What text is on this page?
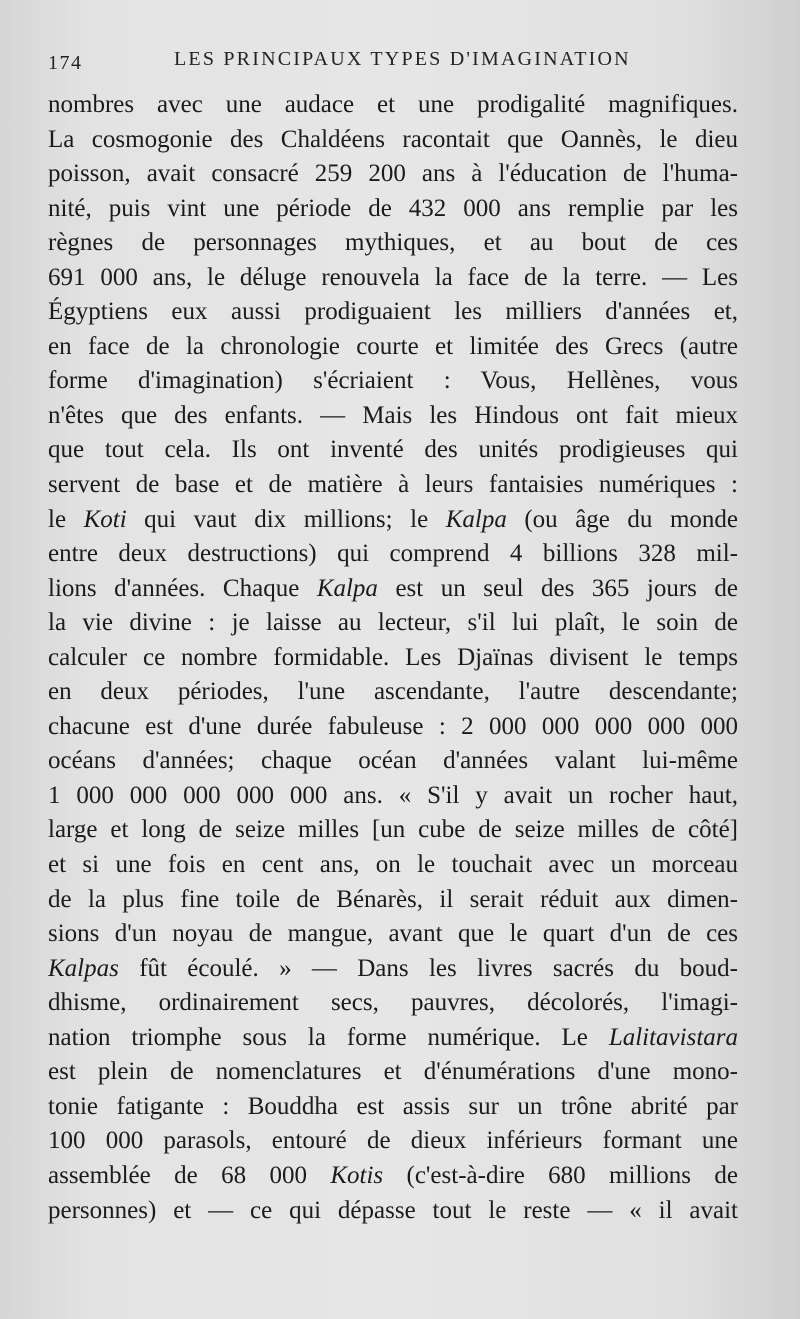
174	LES PRINCIPAUX TYPES D'IMAGINATION
nombres avec une audace et une prodigalité magnifiques.
La cosmogonie des Chaldéens racontait que Oannès, le dieu
poisson, avait consacré 259 200 ans à l'éducation de l'huma-
nité, puis vint une période de 432 000 ans remplie par les
règnes de personnages mythiques, et au bout de ces
691 000 ans, le déluge renouvela la face de la terre. — Les
Égyptiens eux aussi prodiguaient les milliers d'années et,
en face de la chronologie courte et limitée des Grecs (autre
forme d'imagination) s'écriaient : Vous, Hellènes, vous
n'êtes que des enfants. — Mais les Hindous ont fait mieux
que tout cela. Ils ont inventé des unités prodigieuses qui
servent de base et de matière à leurs fantaisies numériques :
le Koti qui vaut dix millions; le Kalpa (ou âge du monde
entre deux destructions) qui comprend 4 billions 328 mil-
lions d'années. Chaque Kalpa est un seul des 365 jours de
la vie divine : je laisse au lecteur, s'il lui plaît, le soin de
calculer ce nombre formidable. Les Djaïnas divisent le temps
en deux périodes, l'une ascendante, l'autre descendante;
chacune est d'une durée fabuleuse : 2 000 000 000 000 000
océans d'années; chaque océan d'années valant lui-même
1 000 000 000 000 000 ans. « S'il y avait un rocher haut,
large et long de seize milles [un cube de seize milles de côté]
et si une fois en cent ans, on le touchait avec un morceau
de la plus fine toile de Bénarès, il serait réduit aux dimen-
sions d'un noyau de mangue, avant que le quart d'un de ces
Kalpas fût écoulé. » — Dans les livres sacrés du boud-
dhisme, ordinairement secs, pauvres, décolorés, l'imagi-
nation triomphe sous la forme numérique. Le Lalitavistara
est plein de nomenclatures et d'énumérations d'une mono-
tonie fatigante : Bouddha est assis sur un trône abrité par
100 000 parasols, entouré de dieux inférieurs formant une
assemblée de 68 000 Kotis (c'est-à-dire 680 millions de
personnes) et — ce qui dépasse tout le reste — « il avait
